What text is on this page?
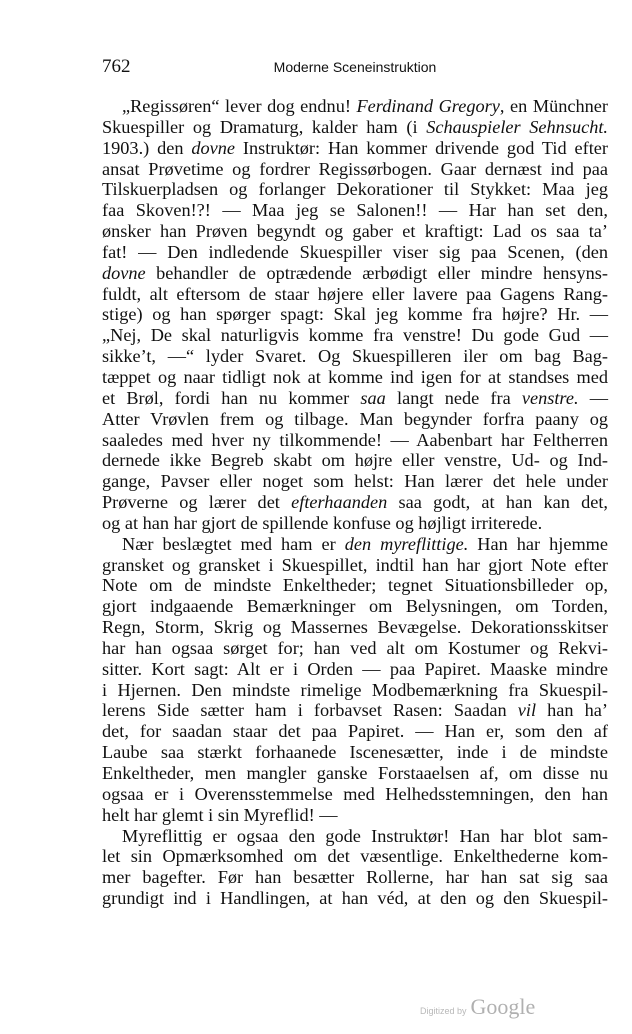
762	Moderne Sceneinstruktion
„Regissøren“ lever dog endnu! Ferdinand Gregory, en Münchner
Skuespiller og Dramaturg, kalder ham (i Schauspieler Sehnsucht.
1903.) den dovne Instruktør: Han kommer drivende god Tid efter
ansat Prøvetime og fordrer Regissørbogen. Gaar dernæst ind paa
Tilskuerpladsen og forlanger Dekorationer til Stykket: Maa jeg
faa Skoven!?! — Maa jeg se Salonen!! — Har han set den,
ønsker han Prøven begyndt og gaber et kraftigt: Lad os saa ta’
fat! — Den indledende Skuespiller viser sig paa Scenen, (den
dovne behandler de optrædende ærbødigt eller mindre hensyns-
fuldt, alt eftersom de staar højere eller lavere paa Gagens Rang-
stige) og han spørger spagt: Skal jeg komme fra højre? Hr. —
„Nej, De skal naturligvis komme fra venstre! Du gode Gud —
sikke’t, —“ lyder Svaret. Og Skuespilleren iler om bag Bag-
tæppet og naar tidligt nok at komme ind igen for at standses med
et Brøl, fordi han nu kommer saa langt nede fra venstre. —
Atter Vrøvlen frem og tilbage. Man begynder forfra paany og
saaledes med hver ny tilkommende! — Aabenbart har Feltherren
dernede ikke Begreb skabt om højre eller venstre, Ud- og Ind-
gange, Pavser eller noget som helst: Han lærer det hele under
Prøverne og lærer det efterhaanden saa godt, at han kan det,
og at han har gjort de spillende konfuse og højligt irriterede.
Nær beslægtet med ham er den myreflittige. Han har hjemme
gransket og gransket i Skuespillet, indtil han har gjort Note efter
Note om de mindste Enkeltheder; tegnet Situationsbilleder op,
gjort indgaaende Bemærkninger om Belysningen, om Torden,
Regn, Storm, Skrig og Massernes Bevægelse. Dekorationsskitser
har han ogsaa sørget for; han ved alt om Kostumer og Rekvi-
sitter. Kort sagt: Alt er i Orden — paa Papiret. Maaske mindre
i Hjernen. Den mindste rimelige Modbemærkning fra Skuespil-
lerens Side sætter ham i forbavset Rasen: Saadan vil han ha’
det, for saadan staar det paa Papiret. — Han er, som den af
Laube saa stærkt forhaanede Iscenesætter, inde i de mindste
Enkeltheder, men mangler ganske Forstaaelsen af, om disse nu
ogsaa er i Overensstemmelse med Helhedsstemningen, den han
helt har glemt i sin Myreflid! —
Myreflittig er ogsaa den gode Instruktør! Han har blot sam-
let sin Opmærksomhed om det væsentlige. Enkelthederne kom-
mer bagefter. Før han besætter Rollerne, har han sat sig saa
grundigt ind i Handlingen, at han véd, at den og den Skuespil-
Digitized by Google
